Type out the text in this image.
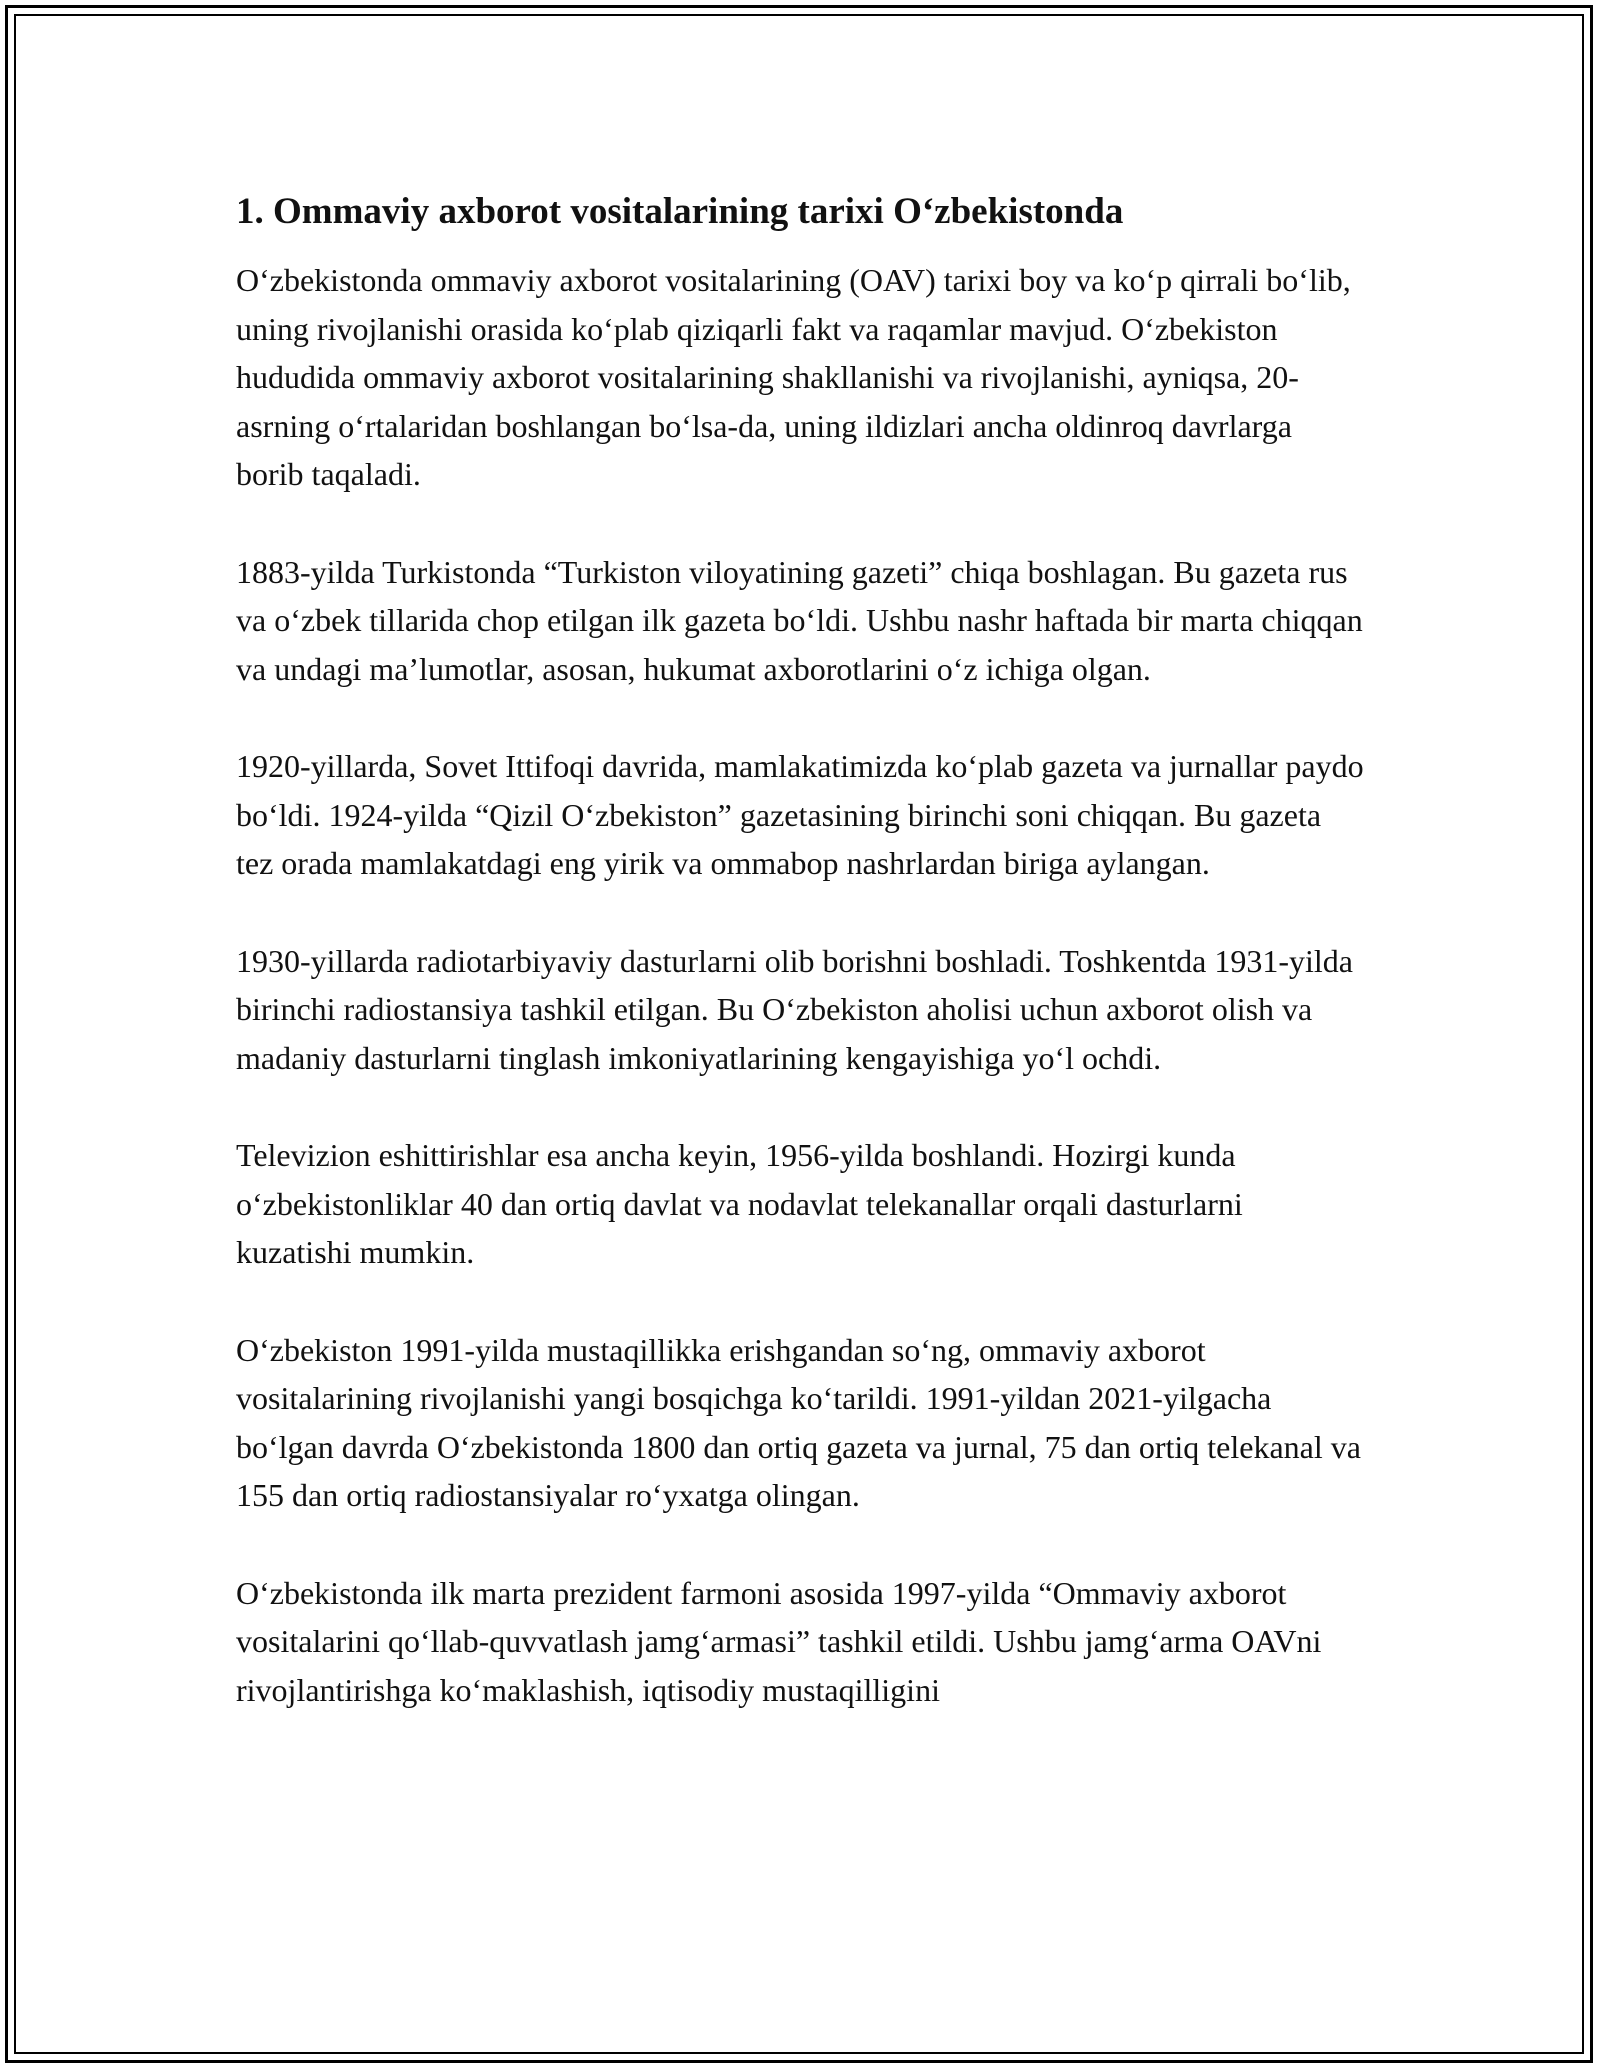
1. Ommaviy axborot vositalarining tarixi O‘zbekistonda

O‘zbekistonda ommaviy axborot vositalarining (OAV) tarixi boy va ko‘p qirrali bo‘lib, uning rivojlanishi orasida ko‘plab qiziqarli fakt va raqamlar mavjud. O‘zbekiston hududida ommaviy axborot vositalarining shakllanishi va rivojlanishi, ayniqsa, 20-asrning o‘rtalaridan boshlangan bo‘lsa-da, uning ildizlari ancha oldinroq davrlarga borib taqaladi.

1883-yilda Turkistonda “Turkiston viloyatining gazeti” chiqa boshlagan. Bu gazeta rus va o‘zbek tillarida chop etilgan ilk gazeta bo‘ldi. Ushbu nashr haftada bir marta chiqqan va undagi ma’lumotlar, asosan, hukumat axborotlarini o‘z ichiga olgan.

1920-yillarda, Sovet Ittifoqi davrida, mamlakatimizda ko‘plab gazeta va jurnallar paydo bo‘ldi. 1924-yilda “Qizil O‘zbekiston” gazetasining birinchi soni chiqqan. Bu gazeta tez orada mamlakatdagi eng yirik va ommabop nashrlardan biriga aylangan.

1930-yillarda radiotarbiyaviy dasturlarni olib borishni boshladi. Toshkentda 1931-yilda birinchi radiostansiya tashkil etilgan. Bu O‘zbekiston aholisi uchun axborot olish va madaniy dasturlarni tinglash imkoniyatlarining kengayishiga yo‘l ochdi.

Televizion eshittirishlar esa ancha keyin, 1956-yilda boshlandi. Hozirgi kunda o‘zbekistonliklar 40 dan ortiq davlat va nodavlat telekanallar orqali dasturlarni kuzatishi mumkin.

O‘zbekiston 1991-yilda mustaqillikka erishgandan so‘ng, ommaviy axborot vositalarining rivojlanishi yangi bosqichga ko‘tarildi. 1991-yildan 2021-yilgacha bo‘lgan davrda O‘zbekistonda 1800 dan ortiq gazeta va jurnal, 75 dan ortiq telekanal va 155 dan ortiq radiostansiyalar ro‘yxatga olingan.

O‘zbekistonda ilk marta prezident farmoni asosida 1997-yilda “Ommaviy axborot vositalarini qo‘llab-quvvatlash jamg‘armasi” tashkil etildi. Ushbu jamg‘arma OAVni rivojlantirishga ko‘maklashish, iqtisodiy mustaqilligini
